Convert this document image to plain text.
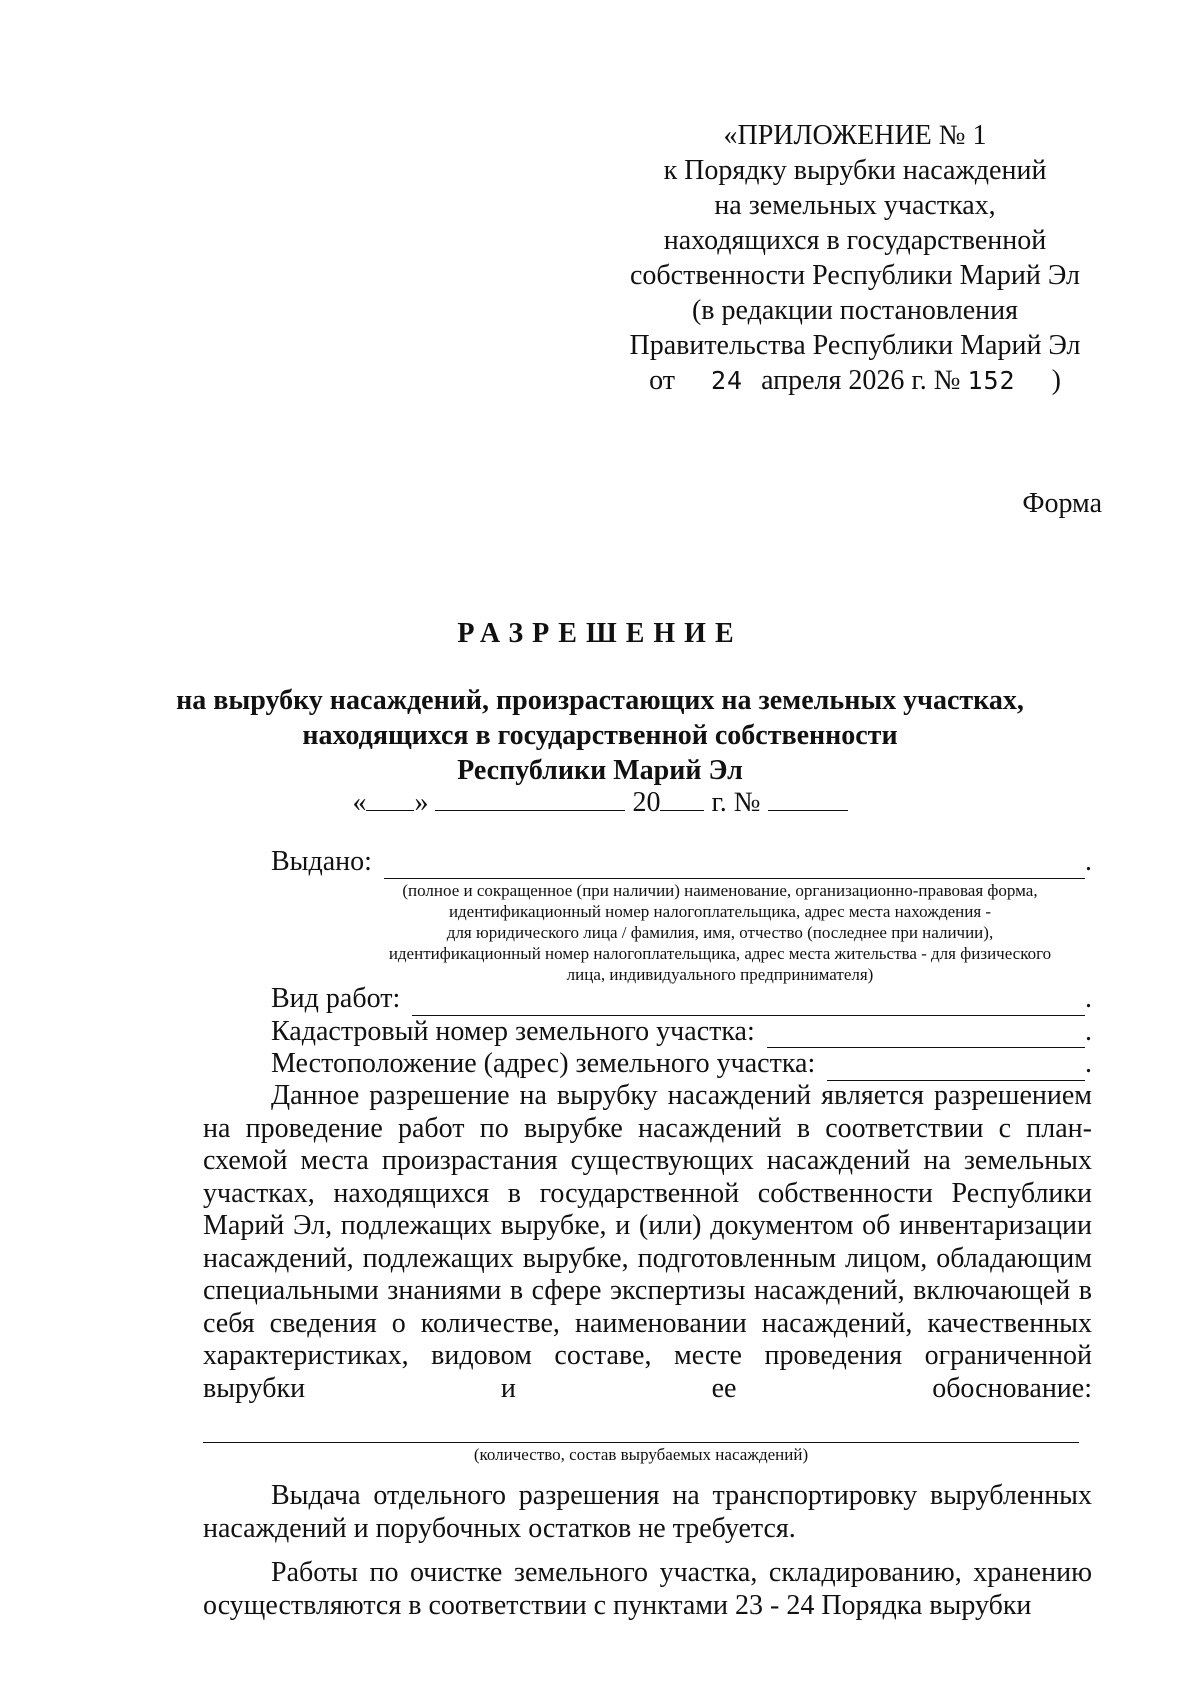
«ПРИЛОЖЕНИЕ № 1
к Порядку вырубки насаждений
на земельных участках,
находящихся в государственной
собственности Республики Марий Эл
(в редакции постановления
Правительства Республики Марий Эл
от 24 апреля 2026 г. № 152 )
Форма
РАЗРЕШЕНИЕ
на вырубку насаждений, произрастающих на земельных участках,
находящихся в государственной собственности
Республики Марий Эл
« »	20 г. №
Выдано:	.
(полное и сокращенное (при наличии) наименование, организационно-правовая форма,
идентификационный номер налогоплательщика, адрес места нахождения -
для юридического лица / фамилия, имя, отчество (последнее при наличии),
идентификационный номер налогоплательщика, адрес места жительства - для физического
лица, индивидуального предпринимателя)
Вид работ:	.
Кадастровый номер земельного участка:	.
Местоположение (адрес) земельного участка:	.

Данное разрешение на вырубку насаждений является разрешением на проведение работ по вырубке насаждений в соответствии с план-схемой места произрастания существующих насаждений на земельных участках, находящихся в государственной собственности Республики Марий Эл, подлежащих вырубке, и (или) документом об инвентаризации насаждений, подлежащих вырубке, подготовленным лицом, обладающим специальными знаниями в сфере экспертизы насаждений, включающей в себя сведения о количестве, наименовании насаждений, качественных характеристиках, видовом составе, месте проведения ограниченной вырубки и ее обоснование:

(количество, состав вырубаемых насаждений)

Выдача отдельного разрешения на транспортировку вырубленных насаждений и порубочных остатков не требуется.

Работы по очистке земельного участка, складированию, хранению осуществляются в соответствии с пунктами 23 - 24 Порядка вырубки
